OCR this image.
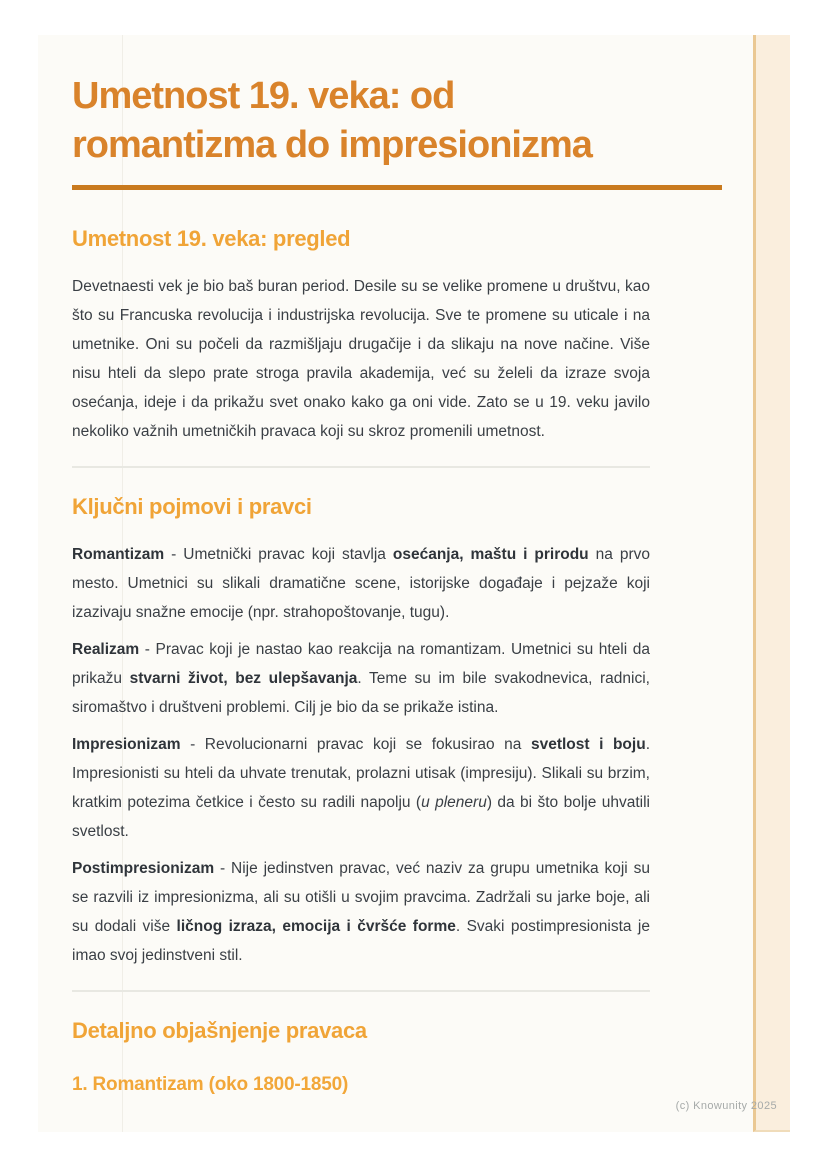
Umetnost 19. veka: od
romantizma do impresionizma
Umetnost 19. veka: pregled

Devetnaesti vek je bio baš buran period. Desile su se velike promene u društvu, kao što su Francuska revolucija i industrijska revolucija. Sve te promene su uticale i na umetnike. Oni su počeli da razmišljaju drugačije i da slikaju na nove načine. Više nisu hteli da slepo prate stroga pravila akademija, već su želeli da izraze svoja osećanja, ideje i da prikažu svet onako kako ga oni vide. Zato se u 19. veku javilo nekoliko važnih umetničkih pravaca koji su skroz promenili umetnost.

Ključni pojmovi i pravci

Romantizam - Umetnički pravac koji stavlja osećanja, maštu i prirodu na prvo mesto. Umetnici su slikali dramatične scene, istorijske događaje i pejzaže koji izazivaju snažne emocije (npr. strahopoštovanje, tugu).

Realizam - Pravac koji je nastao kao reakcija na romantizam. Umetnici su hteli da prikažu stvarni život, bez ulepšavanja. Teme su im bile svakodnevica, radnici, siromaštvo i društveni problemi. Cilj je bio da se prikaže istina.

Impresionizam - Revolucionarni pravac koji se fokusirao na svetlost i boju. Impresionisti su hteli da uhvate trenutak, prolazni utisak (impresiju). Slikali su brzim, kratkim potezima četkice i često su radili napolju (u pleneru) da bi što bolje uhvatili svetlost.

Postimpresionizam - Nije jedinstven pravac, već naziv za grupu umetnika koji su se razvili iz impresionizma, ali su otišli u svojim pravcima. Zadržali su jarke boje, ali su dodali više ličnog izraza, emocija i čvršće forme. Svaki postimpresionista je imao svoj jedinstveni stil.

Detaljno objašnjenje pravaca
1. Romantizam (oko 1800-1850)
(c) Knowunity 2025
